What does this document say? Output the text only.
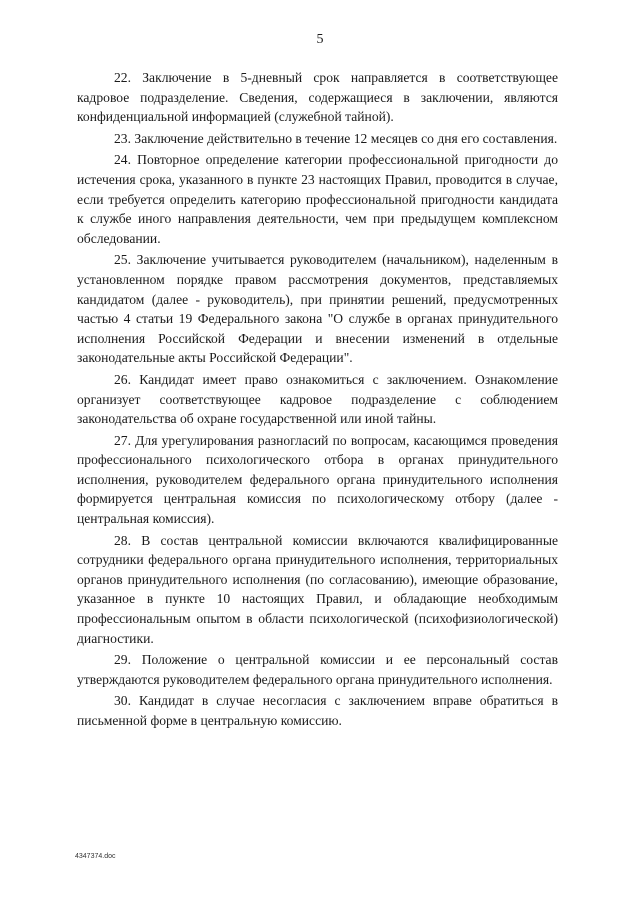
5

22. Заключение в 5-дневный срок направляется в соответствующее кадровое подразделение. Сведения, содержащиеся в заключении, являются конфиденциальной информацией (служебной тайной).

23. Заключение действительно в течение 12 месяцев со дня его составления.

24. Повторное определение категории профессиональной пригодности до истечения срока, указанного в пункте 23 настоящих Правил, проводится в случае, если требуется определить категорию профессиональной пригодности кандидата к службе иного направления деятельности, чем при предыдущем комплексном обследовании.

25. Заключение учитывается руководителем (начальником), наделенным в установленном порядке правом рассмотрения документов, представляемых кандидатом (далее - руководитель), при принятии решений, предусмотренных частью 4 статьи 19 Федерального закона "О службе в органах принудительного исполнения Российской Федерации и внесении изменений в отдельные законодательные акты Российской Федерации".

26. Кандидат имеет право ознакомиться с заключением. Ознакомление организует соответствующее кадровое подразделение с соблюдением законодательства об охране государственной или иной тайны.

27. Для урегулирования разногласий по вопросам, касающимся проведения профессионального психологического отбора в органах принудительного исполнения, руководителем федерального органа принудительного исполнения формируется центральная комиссия по психологическому отбору (далее - центральная комиссия).

28. В состав центральной комиссии включаются квалифицированные сотрудники федерального органа принудительного исполнения, территориальных органов принудительного исполнения (по согласованию), имеющие образование, указанное в пункте 10 настоящих Правил, и обладающие необходимым профессиональным опытом в области психологической (психофизиологической) диагностики.

29. Положение о центральной комиссии и ее персональный состав утверждаются руководителем федерального органа принудительного исполнения.

30. Кандидат в случае несогласия с заключением вправе обратиться в письменной форме в центральную комиссию.

4347374.doc
